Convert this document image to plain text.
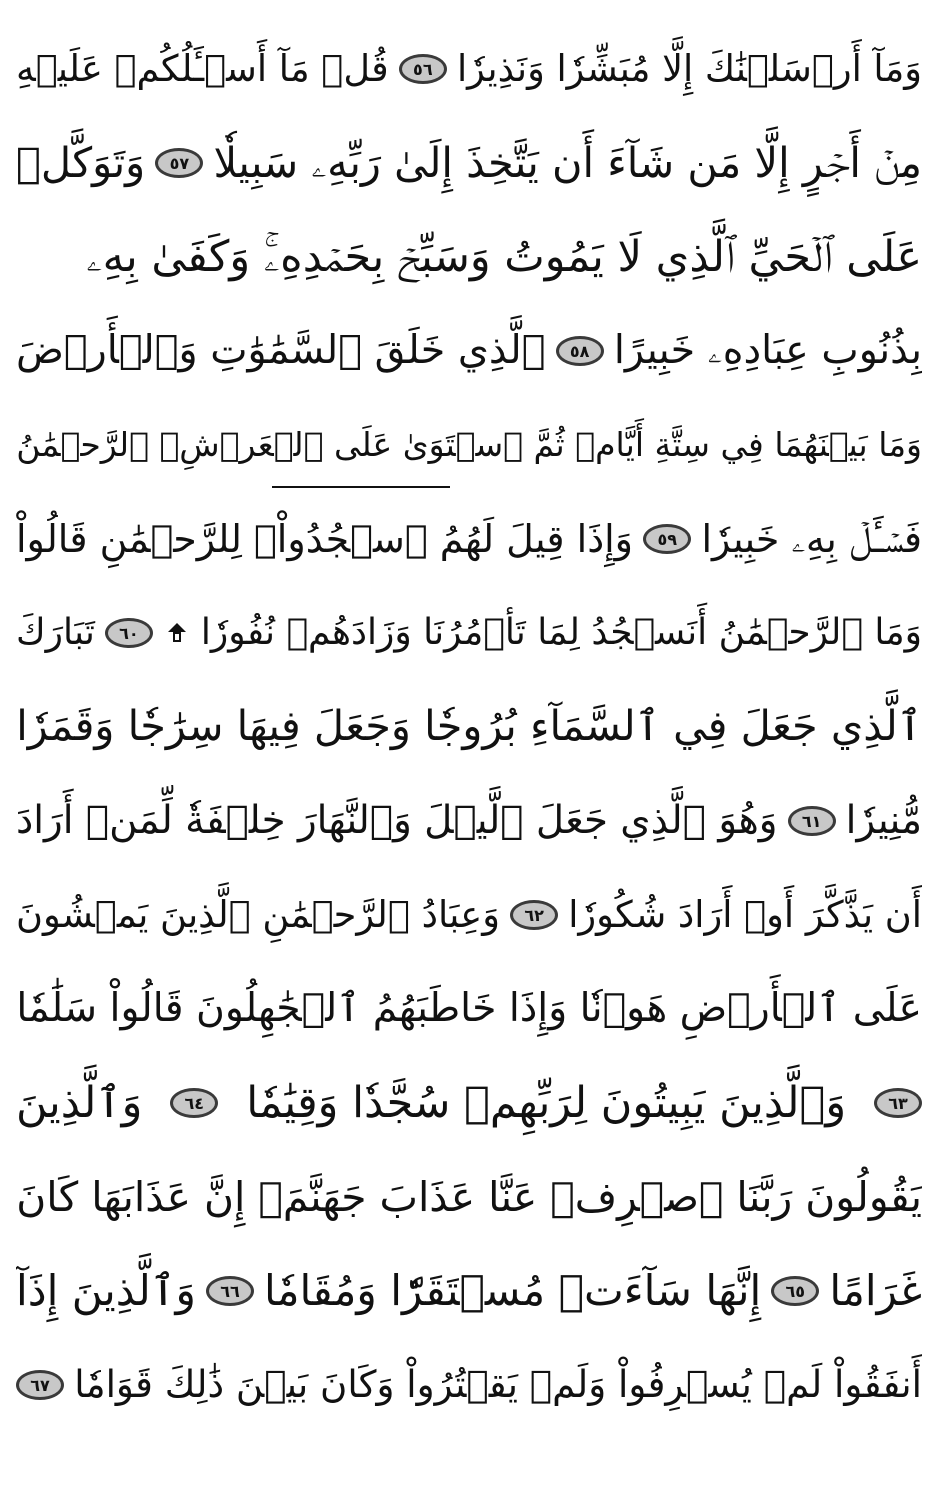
وَمَآ أَرۡسَلۡنَٰكَ إِلَّا مُبَشِّرٗا وَنَذِيرٗا
٥٦
قُلۡ مَآ أَسۡـَٔلُكُمۡ عَلَيۡهِ
مِنۡ أَجۡرٍ إِلَّا مَن شَآءَ أَن يَتَّخِذَ إِلَىٰ رَبِّهِۦ سَبِيلٗا
٥٧
وَتَوَكَّلۡ
عَلَى ٱلۡحَيِّ ٱلَّذِي لَا يَمُوتُ وَسَبِّحۡ بِحَمۡدِهِۦۚ وَكَفَىٰ بِهِۦ
بِذُنُوبِ عِبَادِهِۦ خَبِيرًا
٥٨
ٱلَّذِي خَلَقَ ٱلسَّمَٰوَٰتِ وَٱلۡأَرۡضَ
وَمَا بَيۡنَهُمَا فِي سِتَّةِ أَيَّامٖ ثُمَّ ٱسۡتَوَىٰ عَلَى ٱلۡعَرۡشِۖ ٱلرَّحۡمَٰنُ
فَسۡـَٔلۡ بِهِۦ خَبِيرٗا
٥٩
وَإِذَا قِيلَ لَهُمُ ٱسۡجُدُواْۤ لِلرَّحۡمَٰنِ قَالُواْ
وَمَا ٱلرَّحۡمَٰنُ أَنَسۡجُدُ لِمَا تَأۡمُرُنَا وَزَادَهُمۡ نُفُورٗا
٦٠
تَبَارَكَ
ٱلَّذِي جَعَلَ فِي ٱلسَّمَآءِ بُرُوجٗا وَجَعَلَ فِيهَا سِرَٰجٗا وَقَمَرٗا
مُّنِيرٗا
٦١
وَهُوَ ٱلَّذِي جَعَلَ ٱلَّيۡلَ وَٱلنَّهَارَ خِلۡفَةٗ لِّمَنۡ أَرَادَ
أَن يَذَّكَّرَ أَوۡ أَرَادَ شُكُورٗا
٦٢
وَعِبَادُ ٱلرَّحۡمَٰنِ ٱلَّذِينَ يَمۡشُونَ
عَلَى ٱلۡأَرۡضِ هَوۡنٗا وَإِذَا خَاطَبَهُمُ ٱلۡجَٰهِلُونَ قَالُواْ سَلَٰمٗا
٦٣
وَٱلَّذِينَ يَبِيتُونَ لِرَبِّهِمۡ سُجَّدٗا وَقِيَٰمٗا
٦٤
وَٱلَّذِينَ
يَقُولُونَ رَبَّنَا ٱصۡرِفۡ عَنَّا عَذَابَ جَهَنَّمَۖ إِنَّ عَذَابَهَا كَانَ
غَرَامًا
٦٥
إِنَّهَا سَآءَتۡ مُسۡتَقَرّٗا وَمُقَامٗا
٦٦
وَٱلَّذِينَ إِذَآ
أَنفَقُواْ لَمۡ يُسۡرِفُواْ وَلَمۡ يَقۡتُرُواْ وَكَانَ بَيۡنَ ذَٰلِكَ قَوَامٗا
٦٧
